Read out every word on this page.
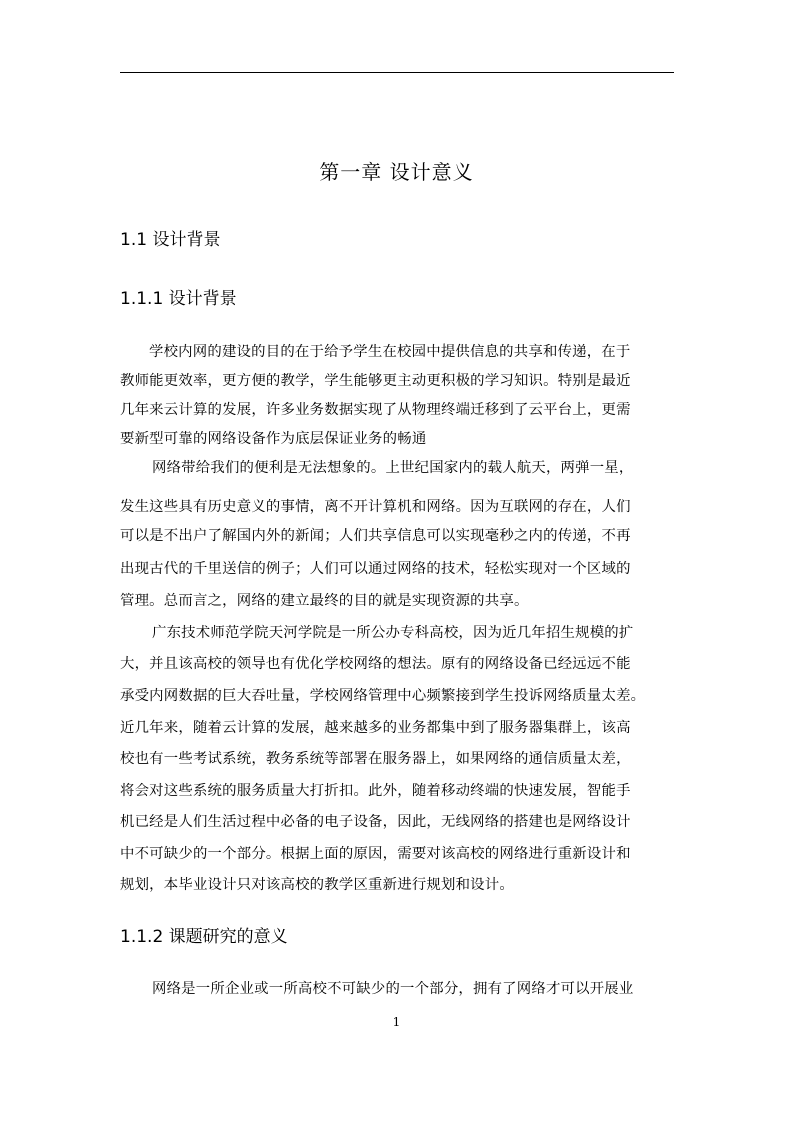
第一章 设计意义
1.1 设计背景
1.1.1 设计背景
学校内网的建设的目的在于给予学生在校园中提供信息的共享和传递，在于
教师能更效率，更方便的教学，学生能够更主动更积极的学习知识。特别是最近
几年来云计算的发展，许多业务数据实现了从物理终端迁移到了云平台上，更需
要新型可靠的网络设备作为底层保证业务的畅通
网络带给我们的便利是无法想象的。上世纪国家内的载人航天，两弹一星，
发生这些具有历史意义的事情，离不开计算机和网络。因为互联网的存在，人们
可以是不出户了解国内外的新闻；人们共享信息可以实现毫秒之内的传递，不再
出现古代的千里送信的例子；人们可以通过网络的技术，轻松实现对一个区域的
管理。总而言之，网络的建立最终的目的就是实现资源的共享。
广东技术师范学院天河学院是一所公办专科高校，因为近几年招生规模的扩
大，并且该高校的领导也有优化学校网络的想法。原有的网络设备已经远远不能
承受内网数据的巨大吞吐量，学校网络管理中心频繁接到学生投诉网络质量太差。
近几年来，随着云计算的发展，越来越多的业务都集中到了服务器集群上，该高
校也有一些考试系统，教务系统等部署在服务器上，如果网络的通信质量太差，
将会对这些系统的服务质量大打折扣。此外，随着移动终端的快速发展，智能手
机已经是人们生活过程中必备的电子设备，因此，无线网络的搭建也是网络设计
中不可缺少的一个部分。根据上面的原因，需要对该高校的网络进行重新设计和
规划，本毕业设计只对该高校的教学区重新进行规划和设计。
1.1.2 课题研究的意义
网络是一所企业或一所高校不可缺少的一个部分，拥有了网络才可以开展业
1
